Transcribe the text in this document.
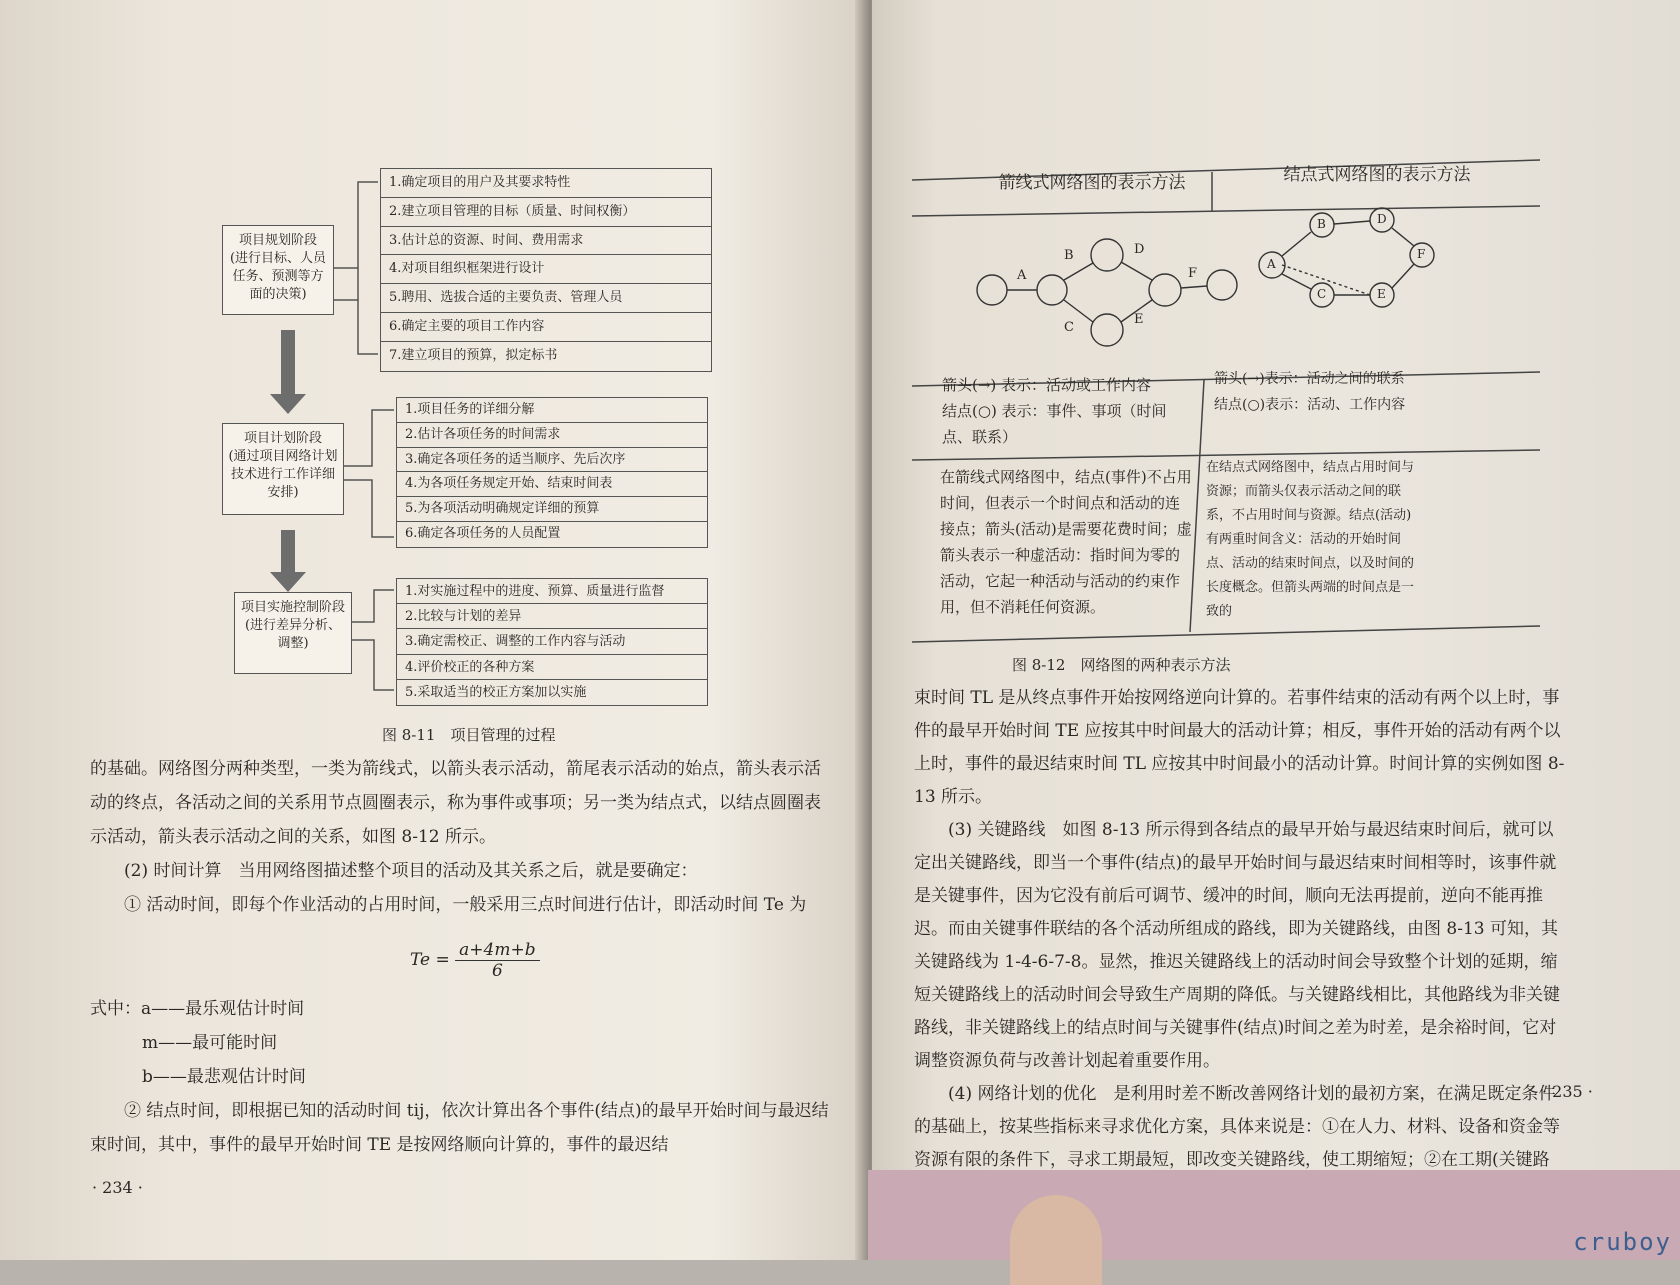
项目规划阶段
(进行目标、人员任务、预测等方面的决策)
项目计划阶段
(通过项目网络计划技术进行工作详细安排)
项目实施控制阶段
(进行差异分析、调整)
1.确定项目的用户及其要求特性
2.建立项目管理的目标（质量、时间权衡）
3.估计总的资源、时间、费用需求
4.对项目组织框架进行设计
5.聘用、选拔合适的主要负责、管理人员
6.确定主要的项目工作内容
7.建立项目的预算，拟定标书
1.项目任务的详细分解
2.估计各项任务的时间需求
3.确定各项任务的适当顺序、先后次序
4.为各项任务规定开始、结束时间表
5.为各项活动明确规定详细的预算
6.确定各项任务的人员配置
1.对实施过程中的进度、预算、质量进行监督
2.比较与计划的差异
3.确定需校正、调整的工作内容与活动
4.评价校正的各种方案
5.采取适当的校正方案加以实施
图 8-11　项目管理的过程

的基础。网络图分两种类型，一类为箭线式，以箭头表示活动，箭尾表示活动的始点，箭头表示活动的终点，各活动之间的关系用节点圆圈表示，称为事件或事项；另一类为结点式，以结点圆圈表示活动，箭头表示活动之间的关系，如图 8-12 所示。

(2) 时间计算　当用网络图描述整个项目的活动及其关系之后，就是要确定：

① 活动时间，即每个作业活动的占用时间，一般采用三点时间进行估计，即活动时间 Te 为

$Te = \frac{a+4m+b}{6}$
式中：a——最乐观估计时间
m——最可能时间
b——最悲观估计时间

② 结点时间，即根据已知的活动时间 tij，依次计算出各个事件(结点)的最早开始时间与最迟结束时间，其中，事件的最早开始时间 TE 是按网络顺向计算的，事件的最迟结

· 234 ·
箭线式网络图的表示方法	结点式网络图的表示方法
A
B
C
D
E
F
A
B
C
D
E
F
箭头(→) 表示：活动或工作内容
结点(○) 表示：事件、事项（时间点、联系）
箭头(→)表示：活动之间的联系
结点(○)表示：活动、工作内容
在箭线式网络图中，结点(事件)不占用时间，但表示一个时间点和活动的连接点；箭头(活动)是需要花费时间；虚箭头表示一种虚活动：指时间为零的活动，它起一种活动与活动的约束作用，但不消耗任何资源。
在结点式网络图中，结点占用时间与资源；而箭头仅表示活动之间的联系，不占用时间与资源。结点(活动)有两重时间含义：活动的开始时间点、活动的结束时间点，以及时间的长度概念。但箭头两端的时间点是一致的
图 8-12　网络图的两种表示方法

束时间 TL 是从终点事件开始按网络逆向计算的。若事件结束的活动有两个以上时，事件的最早开始时间 TE 应按其中时间最大的活动计算；相反，事件开始的活动有两个以上时，事件的最迟结束时间 TL 应按其中时间最小的活动计算。时间计算的实例如图 8-13 所示。

(3) 关键路线　如图 8-13 所示得到各结点的最早开始与最迟结束时间后，就可以定出关键路线，即当一个事件(结点)的最早开始时间与最迟结束时间相等时，该事件就是关键事件，因为它没有前后可调节、缓冲的时间，顺向无法再提前，逆向不能再推迟。而由关键事件联结的各个活动所组成的路线，即为关键路线，由图 8-13 可知，其关键路线为 1-4-6-7-8。显然，推迟关键路线上的活动时间会导致整个计划的延期，缩短关键路线上的活动时间会导致生产周期的降低。与关键路线相比，其他路线为非关键路线，非关键路线上的结点时间与关键事件(结点)时间之差为时差，是余裕时间，它对调整资源负荷与改善计划起着重要作用。

(4) 网络计划的优化　是利用时差不断改善网络计划的最初方案，在满足既定条件的基础上，按某些指标来寻求优化方案，具体来说是：①在人力、材料、设备和资金等资源有限的条件下，寻求工期最短，即改变关键路线，使工期缩短；②在工期(关键路

· 235 ·
cruboy
